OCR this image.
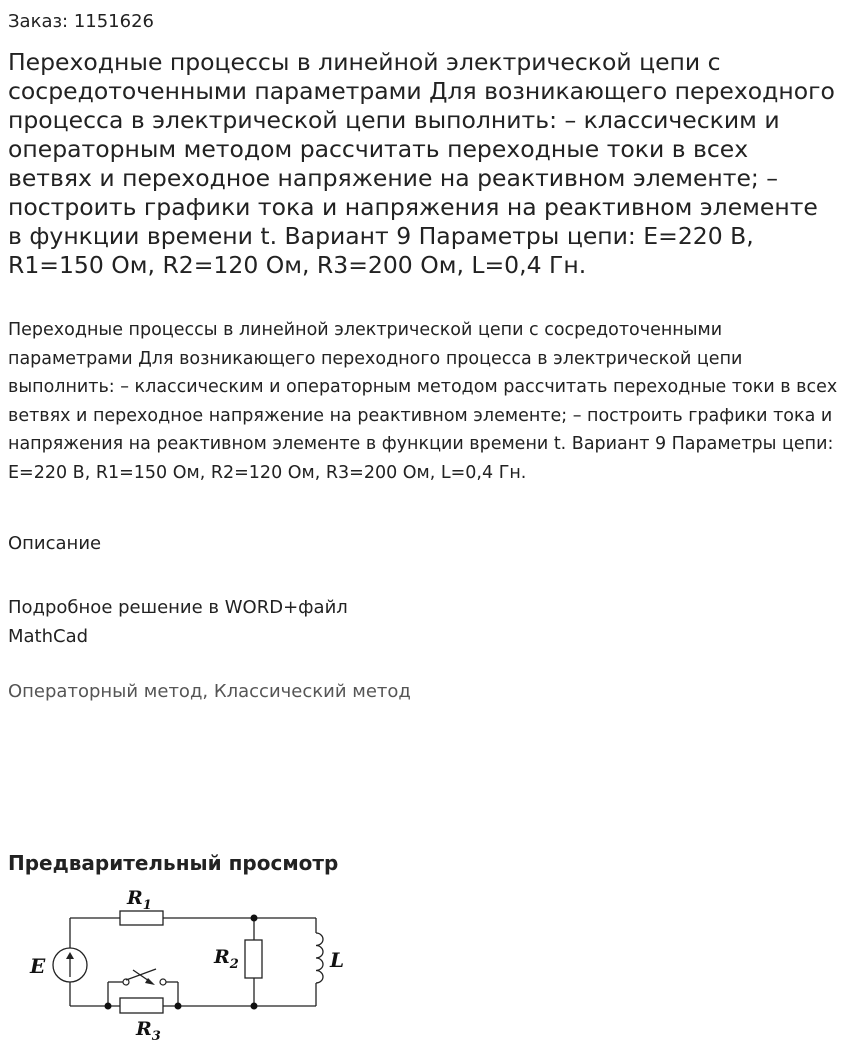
Заказ: 1151626
Переходные процессы в линейной электрической цепи с сосредоточенными параметрами Для возникающего переходного процесса в электрической цепи выполнить: – классическим и операторным методом рассчитать переходные токи в всех ветвях и переходное напряжение на реактивном элементе; – построить графики тока и напряжения на реактивном элементе в функции времени t. Вариант 9 Параметры цепи: E=220 В, R1=150 Ом, R2=120 Ом, R3=200 Ом, L=0,4 Гн.

Переходные процессы в линейной электрической цепи с сосредоточенными параметрами Для возникающего переходного процесса в электрической цепи выполнить: – классическим и операторным методом рассчитать переходные токи в всех ветвях и переходное напряжение на реактивном элементе; – построить графики тока и напряжения на реактивном элементе в функции времени t. Вариант 9 Параметры цепи: E=220 В, R1=150 Ом, R2=120 Ом, R3=200 Ом, L=0,4 Гн.

Описание
Подробное решение в WORD+файл
MathCad
Операторный метод, Классический метод
Предварительный просмотр
$R_1$
$R_2$
$R_3$
E	L
